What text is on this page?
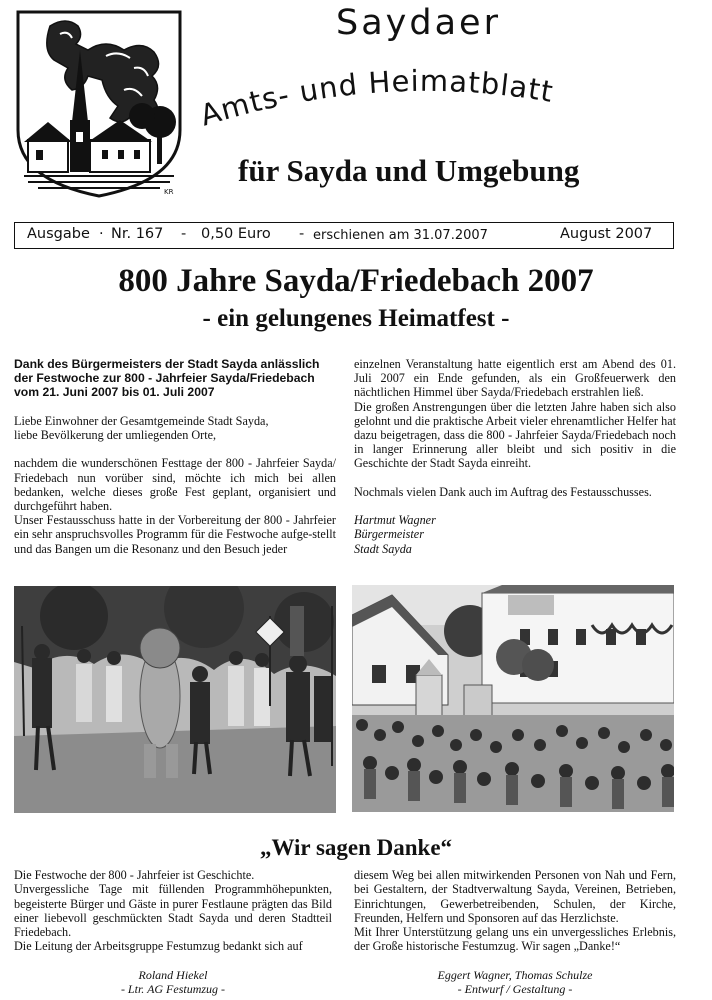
KR
Saydaer
Amts- und Heimatblatt
für Sayda und Umgebung
Ausgabe · Nr. 167 - 0,50 Euro - erschienen am 31.07.2007	August 2007
800 Jahre Sayda/Friedebach 2007
- ein gelungenes Heimatfest -

Dank des Bürgermeisters der Stadt Sayda anlässlich der Festwoche zur 800 - Jahrfeier Sayda/Friedebach vom 21. Juni 2007 bis 01. Juli 2007

Liebe Einwohner der Gesamtgemeinde Stadt Sayda,

liebe Bevölkerung der umliegenden Orte,

nachdem die wunderschönen Festtage der 800 - Jahrfeier Sayda/ Friedebach nun vorüber sind, möchte ich mich bei allen bedanken, welche dieses große Fest geplant, organisiert und durchgeführt haben.

Unser Festausschuss hatte in der Vorbereitung der 800 - Jahrfeier ein sehr anspruchsvolles Programm für die Festwoche aufge-stellt und das Bangen um die Resonanz und den Besuch jeder

einzelnen Veranstaltung hatte eigentlich erst am Abend des 01. Juli 2007 ein Ende gefunden, als ein Großfeuerwerk den nächtlichen Himmel über Sayda/Friedebach erstrahlen ließ.

Die großen Anstrengungen über die letzten Jahre haben sich also gelohnt und die praktische Arbeit vieler ehrenamtlicher Helfer hat dazu beigetragen, dass die 800 - Jahrfeier Sayda/Friedebach noch in langer Erinnerung aller bleibt und sich positiv in die Geschichte der Stadt Sayda einreiht.

Nochmals vielen Dank auch im Auftrag des Festausschusses.

Hartmut Wagner

Bürgermeister

Stadt Sayda

„Wir sagen Danke“

Die Festwoche der 800 - Jahrfeier ist Geschichte.

Unvergessliche Tage mit füllenden Programmhöhepunkten, begeisterte Bürger und Gäste in purer Festlaune prägten das Bild einer liebevoll geschmückten Stadt Sayda und deren Stadtteil Friedebach.

Die Leitung der Arbeitsgruppe Festumzug bedankt sich auf

diesem Weg bei allen mitwirkenden Personen von Nah und Fern, bei Gestaltern, der Stadtverwaltung Sayda, Vereinen, Betrieben, Einrichtungen, Gewerbetreibenden, Schulen, der Kirche, Freunden, Helfern und Sponsoren auf das Herzlichste.

Mit Ihrer Unterstützung gelang uns ein unvergessliches Erlebnis, der Große historische Festumzug. Wir sagen „Danke!“

Roland Hiekel
- Ltr. AG Festumzug -
Eggert Wagner, Thomas Schulze
- Entwurf / Gestaltung -
